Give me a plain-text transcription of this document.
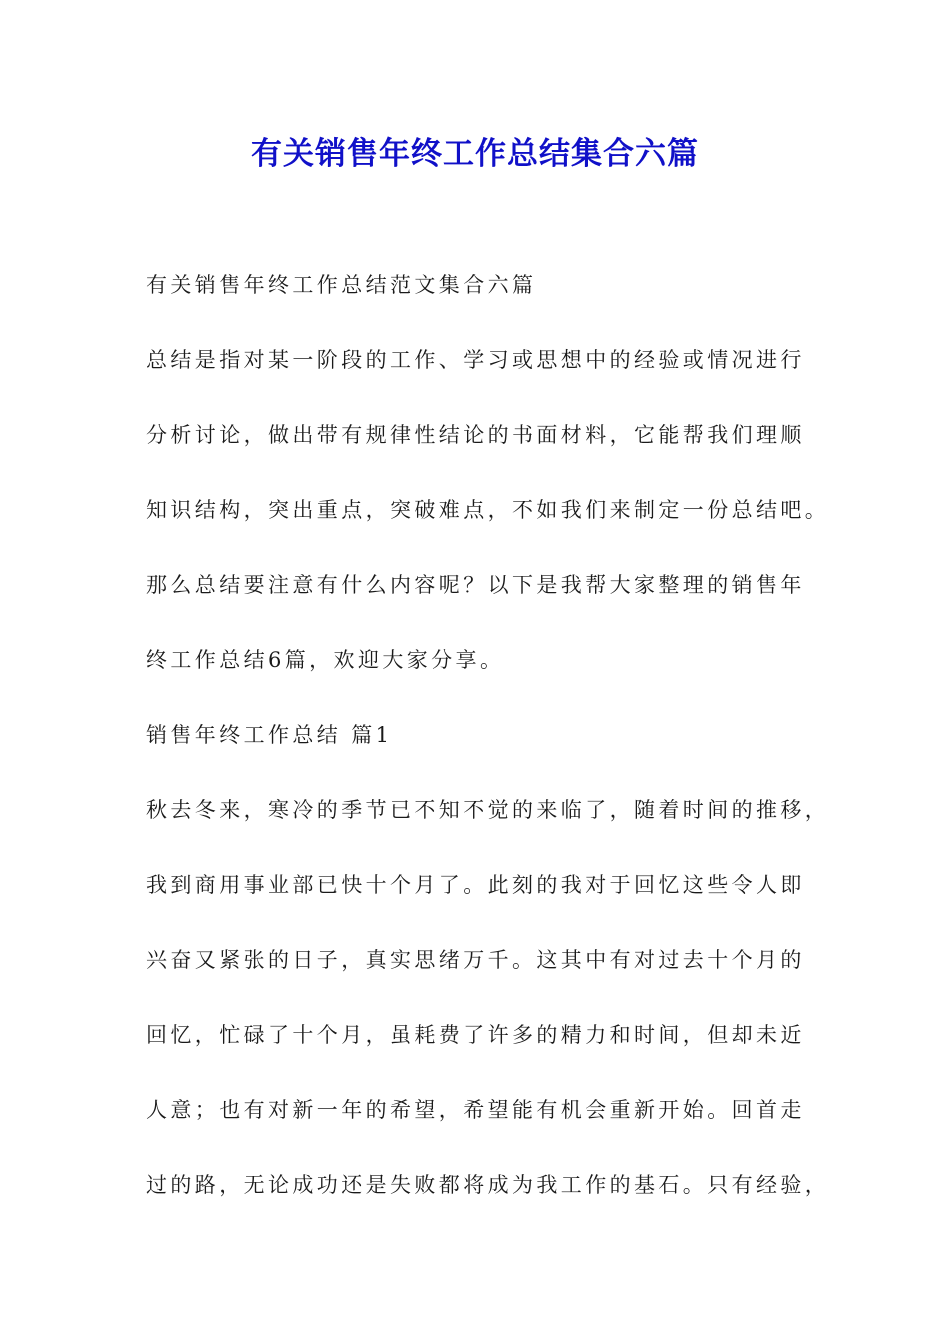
有关销售年终工作总结集合六篇

有关销售年终工作总结范文集合六篇

总结是指对某一阶段的工作、学习或思想中的经验或情况进行

分析讨论，做出带有规律性结论的书面材料，它能帮我们理顺

知识结构，突出重点，突破难点，不如我们来制定一份总结吧。

那么总结要注意有什么内容呢？以下是我帮大家整理的销售年

终工作总结6篇，欢迎大家分享。

销售年终工作总结 篇1

秋去冬来，寒冷的季节已不知不觉的来临了，随着时间的推移，

我到商用事业部已快十个月了。此刻的我对于回忆这些令人即

兴奋又紧张的日子，真实思绪万千。这其中有对过去十个月的

回忆，忙碌了十个月，虽耗费了许多的精力和时间，但却未近

人意；也有对新一年的希望，希望能有机会重新开始。回首走

过的路，无论成功还是失败都将成为我工作的基石。只有经验，
